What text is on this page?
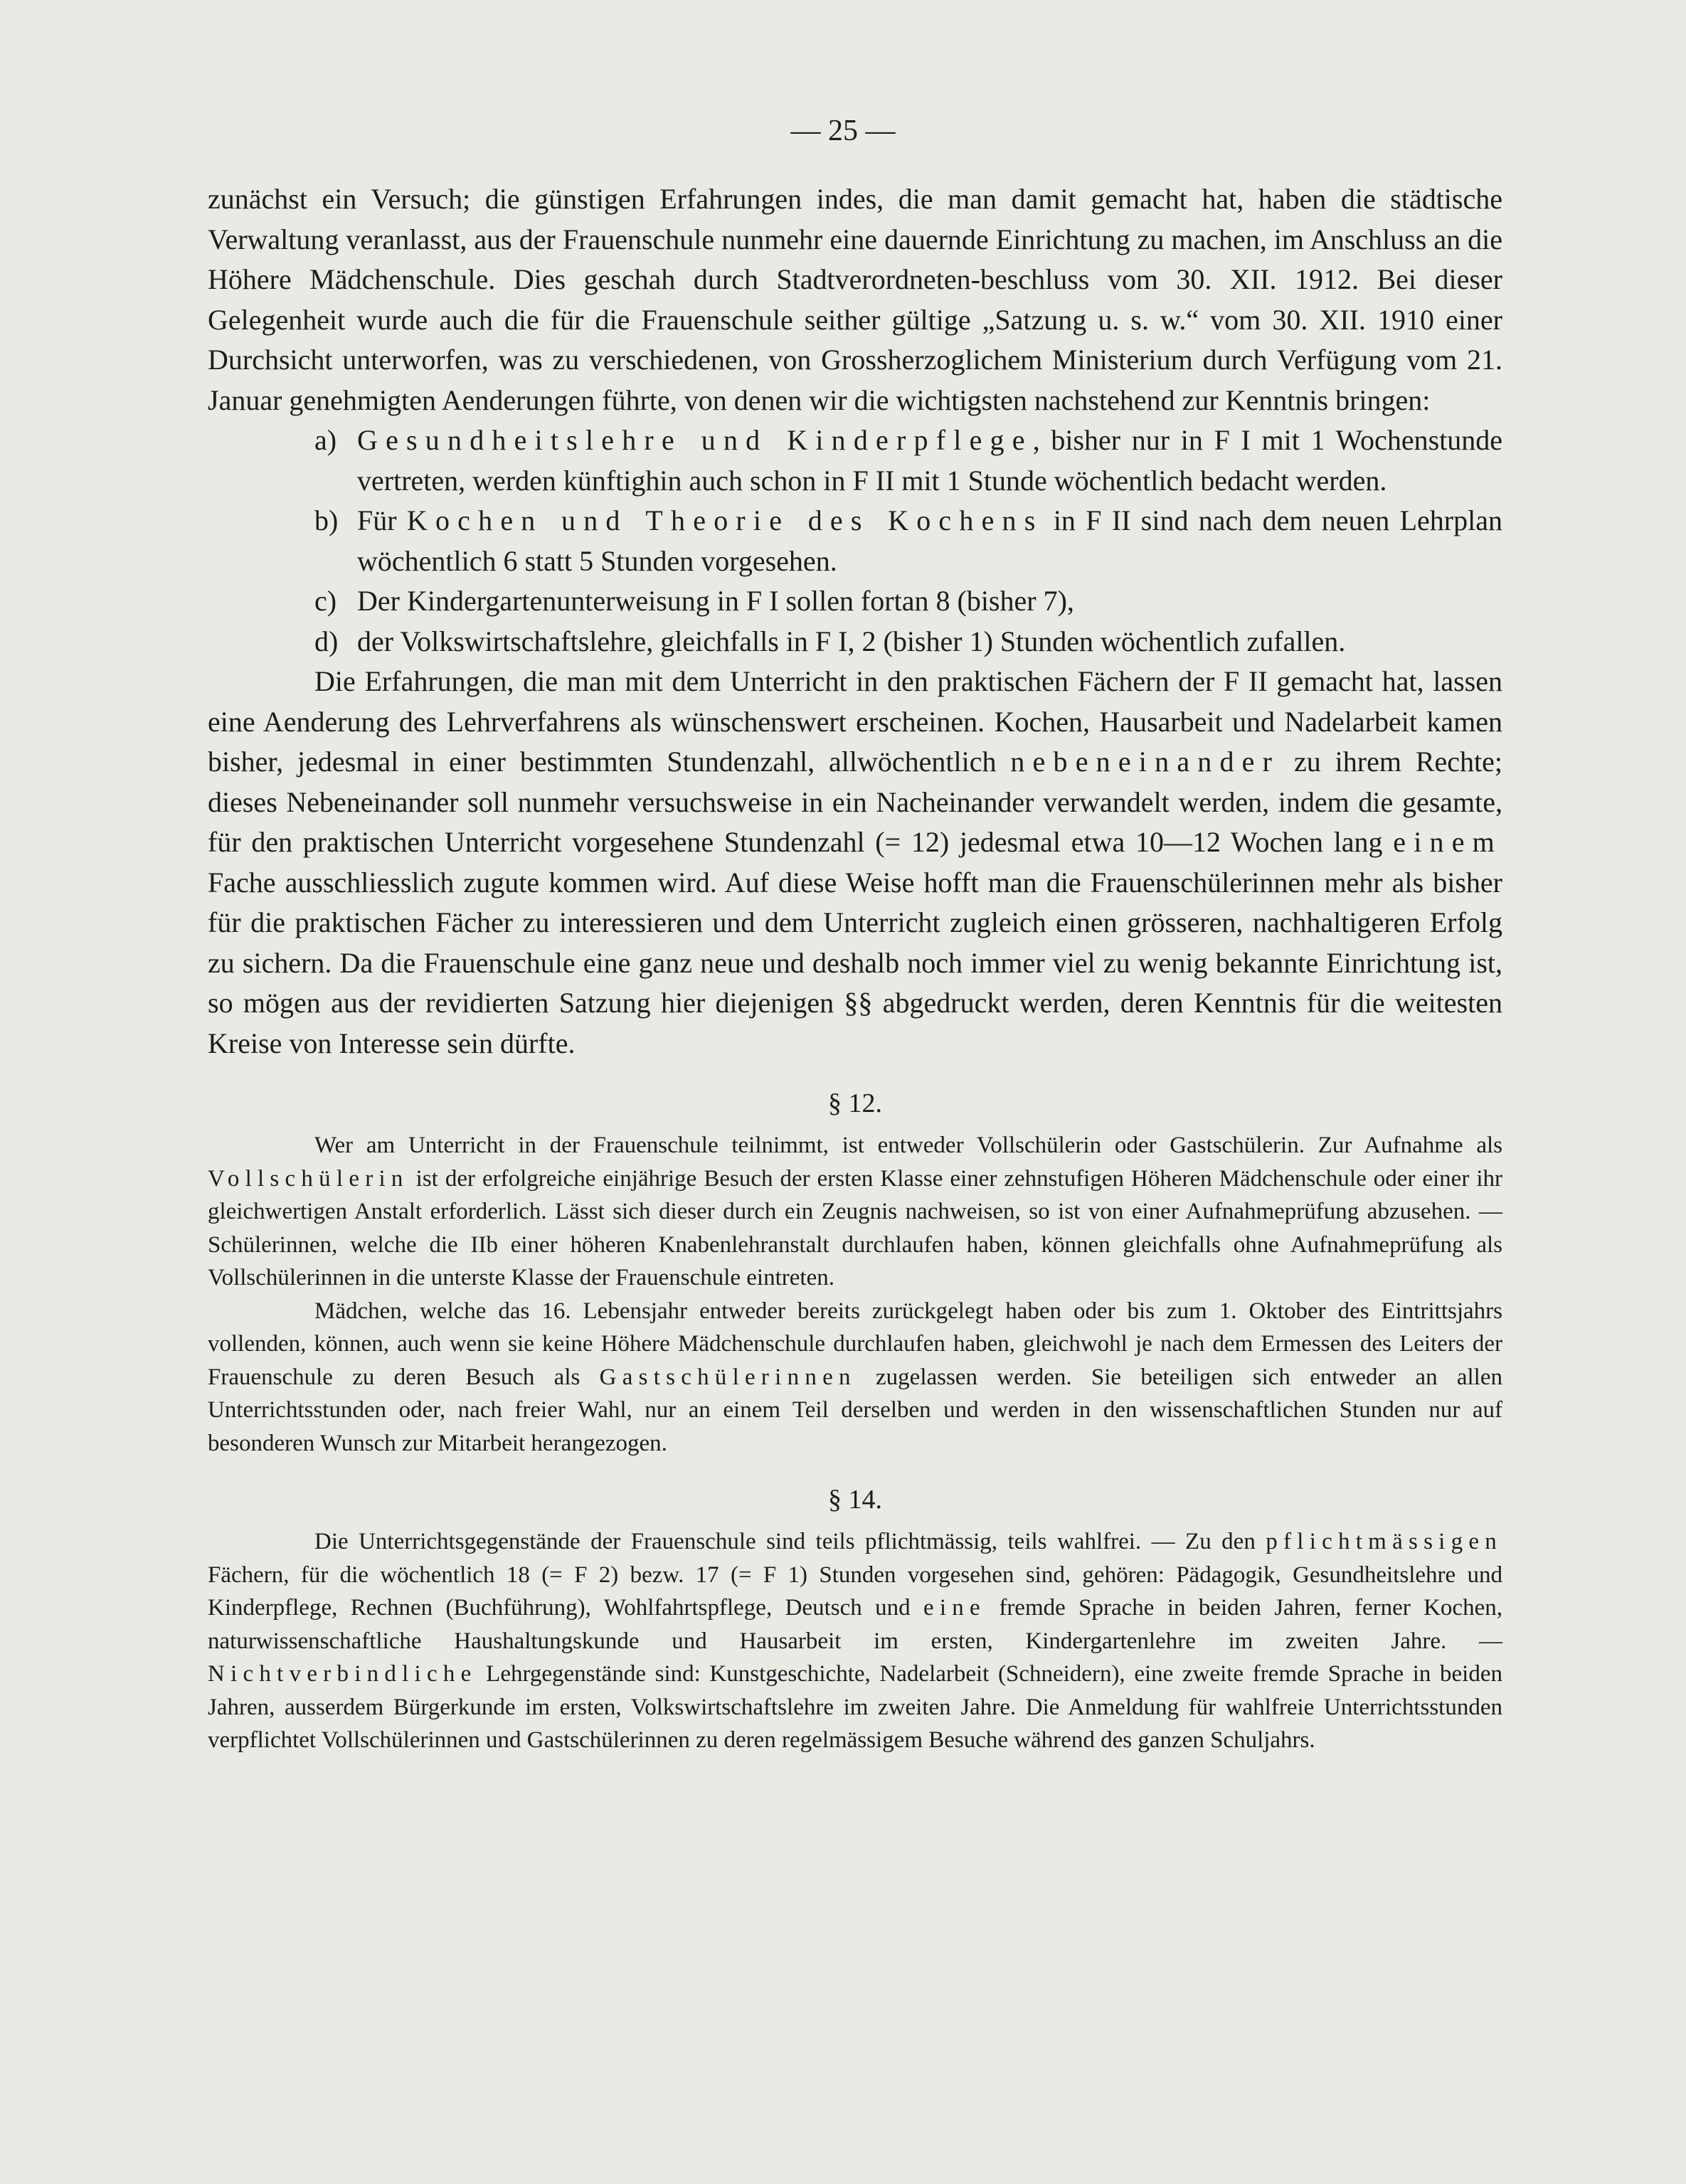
— 25 —

zunächst ein Versuch; die günstigen Erfahrungen indes, die man damit gemacht hat, haben die städtische Verwaltung veranlasst, aus der Frauenschule nunmehr eine dauernde Einrichtung zu machen, im Anschluss an die Höhere Mädchenschule. Dies geschah durch Stadtverordneten-beschluss vom 30. XII. 1912. Bei dieser Gelegenheit wurde auch die für die Frauenschule seither gültige „Satzung u. s. w.“ vom 30. XII. 1910 einer Durchsicht unterworfen, was zu verschiedenen, von Grossherzoglichem Ministerium durch Verfügung vom 21. Januar genehmigten Aenderungen führte, von denen wir die wichtigsten nachstehend zur Kenntnis bringen:

a) Gesundheitslehre und Kinderpflege, bisher nur in F I mit 1 Wochenstunde vertreten, werden künftighin auch schon in F II mit 1 Stunde wöchentlich bedacht werden.
b) Für Kochen und Theorie des Kochens in F II sind nach dem neuen Lehrplan wöchentlich 6 statt 5 Stunden vorgesehen.
c) Der Kindergartenunterweisung in F I sollen fortan 8 (bisher 7),
d) der Volkswirtschaftslehre, gleichfalls in F I, 2 (bisher 1) Stunden wöchentlich zufallen.

Die Erfahrungen, die man mit dem Unterricht in den praktischen Fächern der F II gemacht hat, lassen eine Aenderung des Lehrverfahrens als wünschenswert erscheinen. Kochen, Hausarbeit und Nadelarbeit kamen bisher, jedesmal in einer bestimmten Stundenzahl, allwöchentlich nebeneinander zu ihrem Rechte; dieses Nebeneinander soll nunmehr versuchsweise in ein Nacheinander verwandelt werden, indem die gesamte, für den praktischen Unterricht vorgesehene Stundenzahl (= 12) jedesmal etwa 10—12 Wochen lang einem Fache ausschliesslich zugute kommen wird. Auf diese Weise hofft man die Frauenschülerinnen mehr als bisher für die praktischen Fächer zu interessieren und dem Unterricht zugleich einen grösseren, nachhaltigeren Erfolg zu sichern. Da die Frauenschule eine ganz neue und deshalb noch immer viel zu wenig bekannte Einrichtung ist, so mögen aus der revidierten Satzung hier diejenigen §§ abgedruckt werden, deren Kenntnis für die weitesten Kreise von Interesse sein dürfte.

§ 12.

Wer am Unterricht in der Frauenschule teilnimmt, ist entweder Vollschülerin oder Gastschülerin. Zur Aufnahme als Vollschülerin ist der erfolgreiche einjährige Besuch der ersten Klasse einer zehnstufigen Höheren Mädchenschule oder einer ihr gleichwertigen Anstalt erforderlich. Lässt sich dieser durch ein Zeugnis nachweisen, so ist von einer Aufnahmeprüfung abzusehen. — Schülerinnen, welche die IIb einer höheren Knabenlehranstalt durchlaufen haben, können gleichfalls ohne Aufnahmeprüfung als Vollschülerinnen in die unterste Klasse der Frauenschule eintreten.

Mädchen, welche das 16. Lebensjahr entweder bereits zurückgelegt haben oder bis zum 1. Oktober des Eintrittsjahrs vollenden, können, auch wenn sie keine Höhere Mädchenschule durchlaufen haben, gleichwohl je nach dem Ermessen des Leiters der Frauenschule zu deren Besuch als Gastschülerinnen zugelassen werden. Sie beteiligen sich entweder an allen Unterrichtsstunden oder, nach freier Wahl, nur an einem Teil derselben und werden in den wissenschaftlichen Stunden nur auf besonderen Wunsch zur Mitarbeit herangezogen.

§ 14.

Die Unterrichtsgegenstände der Frauenschule sind teils pflichtmässig, teils wahlfrei. — Zu den pflichtmässigen Fächern, für die wöchentlich 18 (= F 2) bezw. 17 (= F 1) Stunden vorgesehen sind, gehören: Pädagogik, Gesundheitslehre und Kinderpflege, Rechnen (Buchführung), Wohlfahrtspflege, Deutsch und eine fremde Sprache in beiden Jahren, ferner Kochen, naturwissenschaftliche Haushaltungskunde und Hausarbeit im ersten, Kindergartenlehre im zweiten Jahre. — Nichtverbindliche Lehrgegenstände sind: Kunstgeschichte, Nadelarbeit (Schneidern), eine zweite fremde Sprache in beiden Jahren, ausserdem Bürgerkunde im ersten, Volkswirtschaftslehre im zweiten Jahre. Die Anmeldung für wahlfreie Unterrichtsstunden verpflichtet Vollschülerinnen und Gastschülerinnen zu deren regelmässigem Besuche während des ganzen Schuljahrs.
